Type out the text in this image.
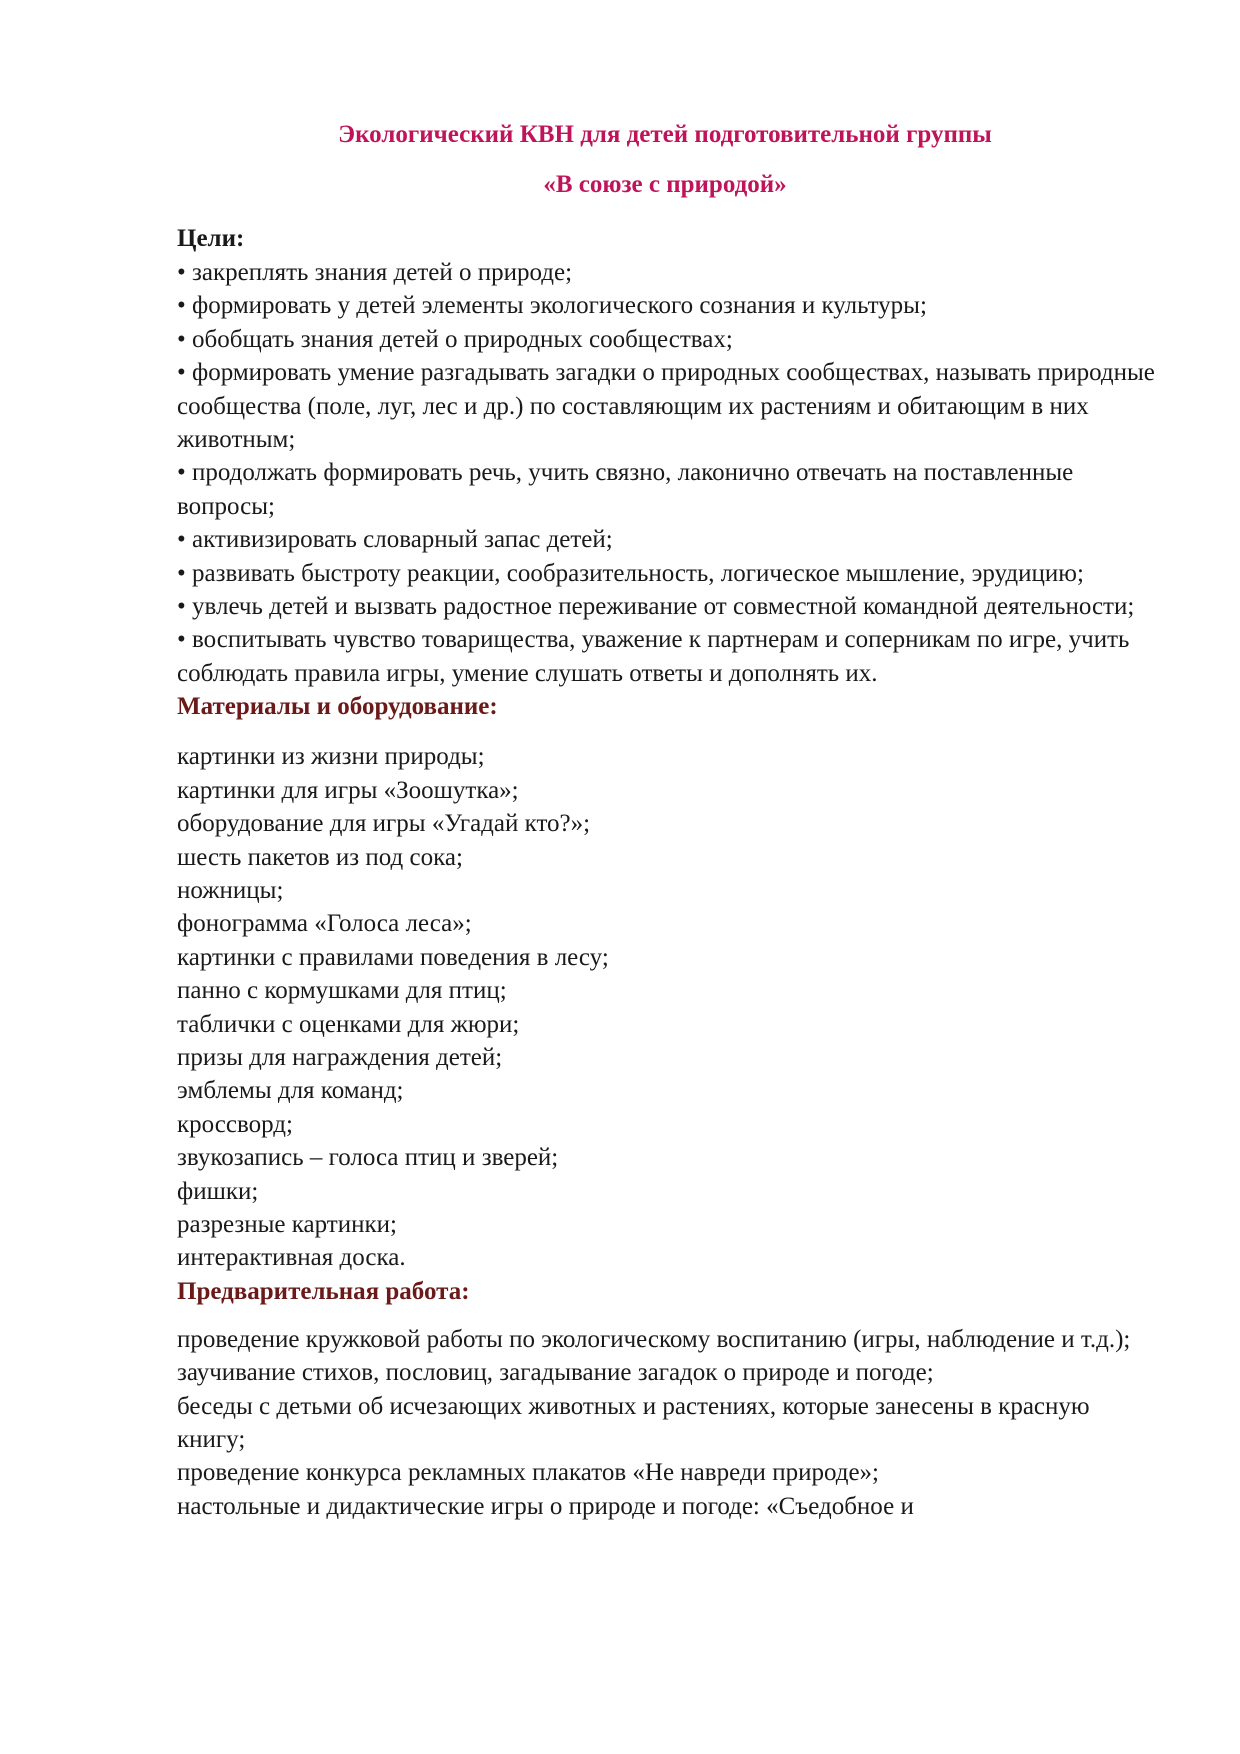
Экологический КВН для детей подготовительной группы
«В союзе с природой»

Цели:

• закреплять знания детей о природе;
• формировать у детей элементы экологического сознания и культуры;
• обобщать знания детей о природных сообществах;
• формировать умение разгадывать загадки о природных сообществах, называть природные сообщества (поле, луг, лес и др.) по составляющим их растениям и обитающим в них животным;
• продолжать формировать речь, учить связно, лаконично отвечать на поставленные вопросы;
• активизировать словарный запас детей;
• развивать быстроту реакции, сообразительность, логическое мышление, эрудицию;
• увлечь детей и вызвать радостное переживание от совместной командной деятельности;
• воспитывать чувство товарищества, уважение к партнерам и соперникам по игре, учить соблюдать правила игры, умение слушать ответы и дополнять их.

Материалы и оборудование:

картинки из жизни природы;
картинки для игры «Зоошутка»;
оборудование для игры «Угадай кто?»;
шесть пакетов из под сока;
ножницы;
фонограмма «Голоса леса»;
картинки с правилами поведения в лесу;
панно с кормушками для птиц;
таблички с оценками для жюри;
призы для награждения детей;
эмблемы для команд;
кроссворд;
звукозапись – голоса птиц и зверей;
фишки;
разрезные картинки;
интерактивная доска.

Предварительная работа:

проведение кружковой работы по экологическому воспитанию (игры, наблюдение и т.д.);
заучивание стихов, пословиц, загадывание загадок о природе и погоде;
беседы с детьми об исчезающих животных и растениях, которые занесены в красную книгу;
проведение конкурса рекламных плакатов «Не навреди природе»;
настольные и дидактические игры о природе и погоде: «Съедобное и
